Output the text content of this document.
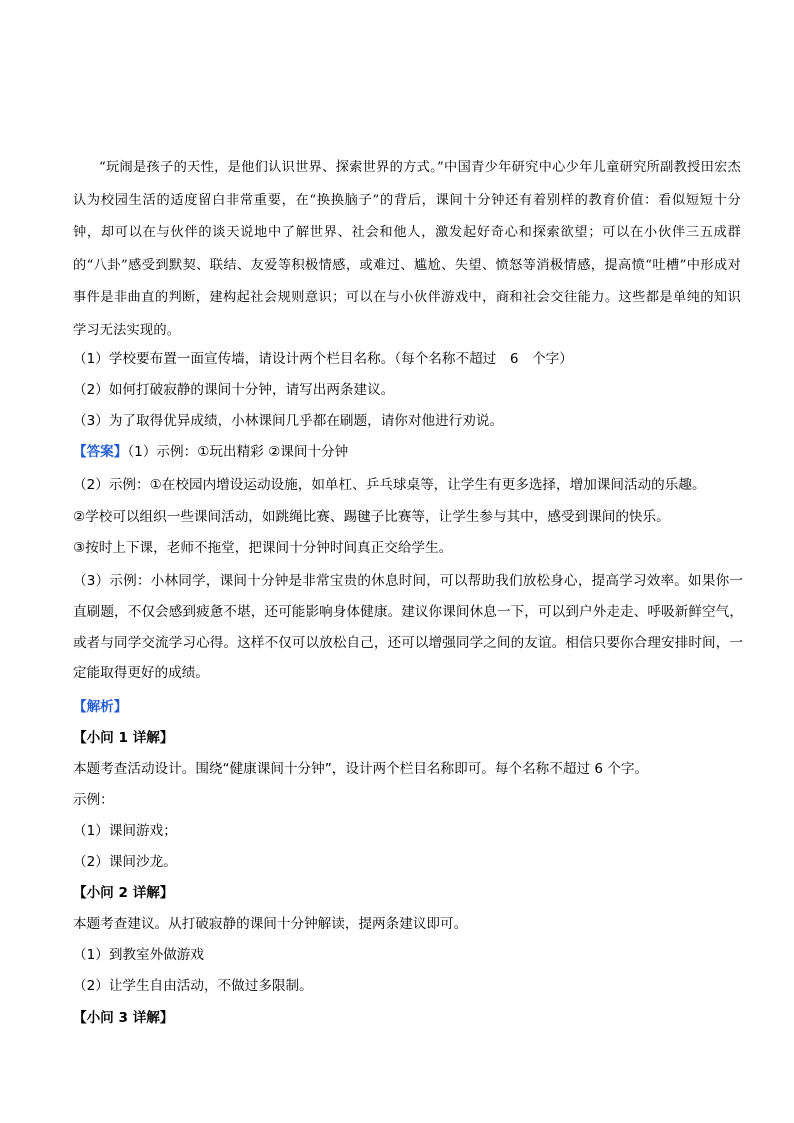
“玩闹是孩子的天性，是他们认识世界、探索世界的方式。”中国青少年研究中心少年儿童研究所副教授田宏杰认为校园生活的适度留白非常重要，在“换换脑子”的背后，课间十分钟还有着别样的教育价值：看似短短十分钟，却可以在与伙伴的谈天说地中了解世界、社会和他人，激发起好奇心和探索欲望；可以在小伙伴三五成群的“八卦”感受到默契、联结、友爱等积极情感，或难过、尴尬、失望、愤怒等消极情感，提高愤“吐槽”中形成对事件是非曲直的判断，建构起社会规则意识；可以在与小伙伴游戏中，商和社会交往能力。这些都是单纯的知识学习无法实现的。

（1）学校要布置一面宣传墙，请设计两个栏目名称。（每个名称不超过　6　个字）

（2）如何打破寂静的课间十分钟，请写出两条建议。

（3）为了取得优异成绩，小林课间几乎都在刷题，请你对他进行劝说。

【答案】（1）示例：①玩出精彩 ②课间十分钟

（2）示例：①在校园内增设运动设施，如单杠、乒乓球桌等，让学生有更多选择，增加课间活动的乐趣。

②学校可以组织一些课间活动，如跳绳比赛、踢毽子比赛等，让学生参与其中，感受到课间的快乐。

③按时上下课，老师不拖堂，把课间十分钟时间真正交给学生。

（3）示例：小林同学，课间十分钟是非常宝贵的休息时间，可以帮助我们放松身心，提高学习效率。如果你一直刷题，不仅会感到疲惫不堪，还可能影响身体健康。建议你课间休息一下，可以到户外走走、呼吸新鲜空气，或者与同学交流学习心得。这样不仅可以放松自己，还可以增强同学之间的友谊。相信只要你合理安排时间，一定能取得更好的成绩。

【解析】

【小问 1 详解】

本题考查活动设计。围绕“健康课间十分钟”，设计两个栏目名称即可。每个名称不超过 6 个字。

示例：

（1）课间游戏；

（2）课间沙龙。

【小问 2 详解】

本题考查建议。从打破寂静的课间十分钟解读，提两条建议即可。

（1）到教室外做游戏

（2）让学生自由活动，不做过多限制。

【小问 3 详解】
